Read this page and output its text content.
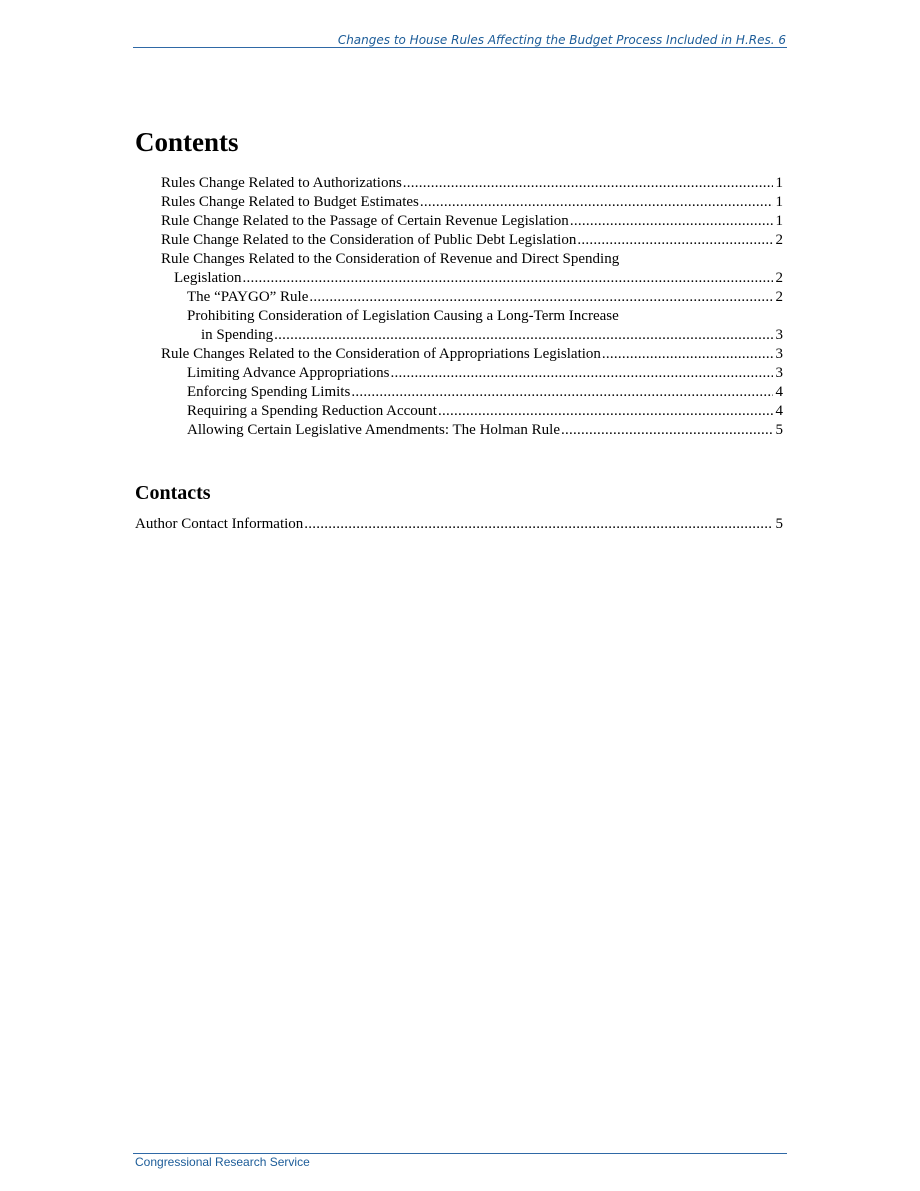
Changes to House Rules Affecting the Budget Process Included in H.Res. 6
Contents
Rules Change Related to Authorizations . . .	1
Rules Change Related to Budget Estimates . . .	1
Rule Change Related to the Passage of Certain Revenue Legislation . . .	1
Rule Change Related to the Consideration of Public Debt Legislation . . .	2
Rule Changes Related to the Consideration of Revenue and Direct Spending
Legislation . . .	2
The “PAYGO” Rule . . .	2
Prohibiting Consideration of Legislation Causing a Long-Term Increase
in Spending . . .	3
Rule Changes Related to the Consideration of Appropriations Legislation . . .	3
Limiting Advance Appropriations . . .	3
Enforcing Spending Limits . . .	4
Requiring a Spending Reduction Account . . .	4
Allowing Certain Legislative Amendments: The Holman Rule . . .	5
Contacts
Author Contact Information . . .	5
Congressional Research Service
